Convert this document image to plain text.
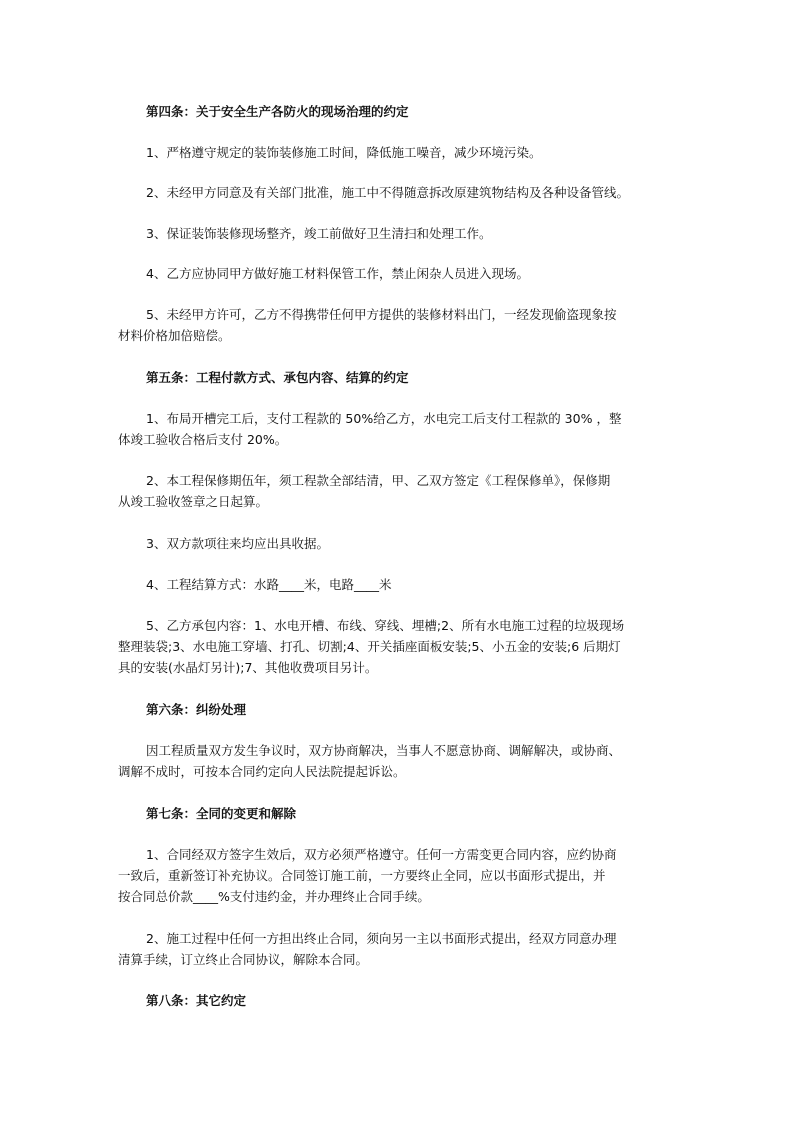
第四条：关于安全生产各防火的现场治理的约定

1、严格遵守规定的装饰装修施工时间，降低施工噪音，减少环境污染。

2、未经甲方同意及有关部门批准，施工中不得随意拆改原建筑物结构及各种设备管线。

3、保证装饰装修现场整齐，竣工前做好卫生清扫和处理工作。

4、乙方应协同甲方做好施工材料保管工作，禁止闲杂人员进入现场。

5、未经甲方许可，乙方不得携带任何甲方提供的装修材料出门，一经发现偷盗现象按
材料价格加倍赔偿。

第五条：工程付款方式、承包内容、结算的约定

1、布局开槽完工后，支付工程款的 50%给乙方，水电完工后支付工程款的 30% ，整
体竣工验收合格后支付 20%。

2、本工程保修期伍年，须工程款全部结清，甲、乙双方签定《工程保修单》，保修期
从竣工验收签章之日起算。

3、双方款项往来均应出具收据。

4、工程结算方式：水路____米，电路____米

5、乙方承包内容：1、水电开槽、布线、穿线、埋槽;2、所有水电施工过程的垃圾现场
整理装袋;3、水电施工穿墙、打孔、切割;4、开关插座面板安装;5、小五金的安装;6 后期灯
具的安装(水晶灯另计);7、其他收费项目另计。

第六条：纠纷处理

因工程质量双方发生争议时，双方协商解决，当事人不愿意协商、调解解决，或协商、
调解不成时，可按本合同约定向人民法院提起诉讼。

第七条：全同的变更和解除

1、合同经双方签字生效后，双方必须严格遵守。任何一方需变更合同内容，应约协商
一致后，重新签订补充协议。合同签订施工前，一方要终止全同，应以书面形式提出，并
按合同总价款____%支付违约金，并办理终止合同手续。

2、施工过程中任何一方担出终止合同，须向另一主以书面形式提出，经双方同意办理
清算手续，订立终止合同协议，解除本合同。

第八条：其它约定
